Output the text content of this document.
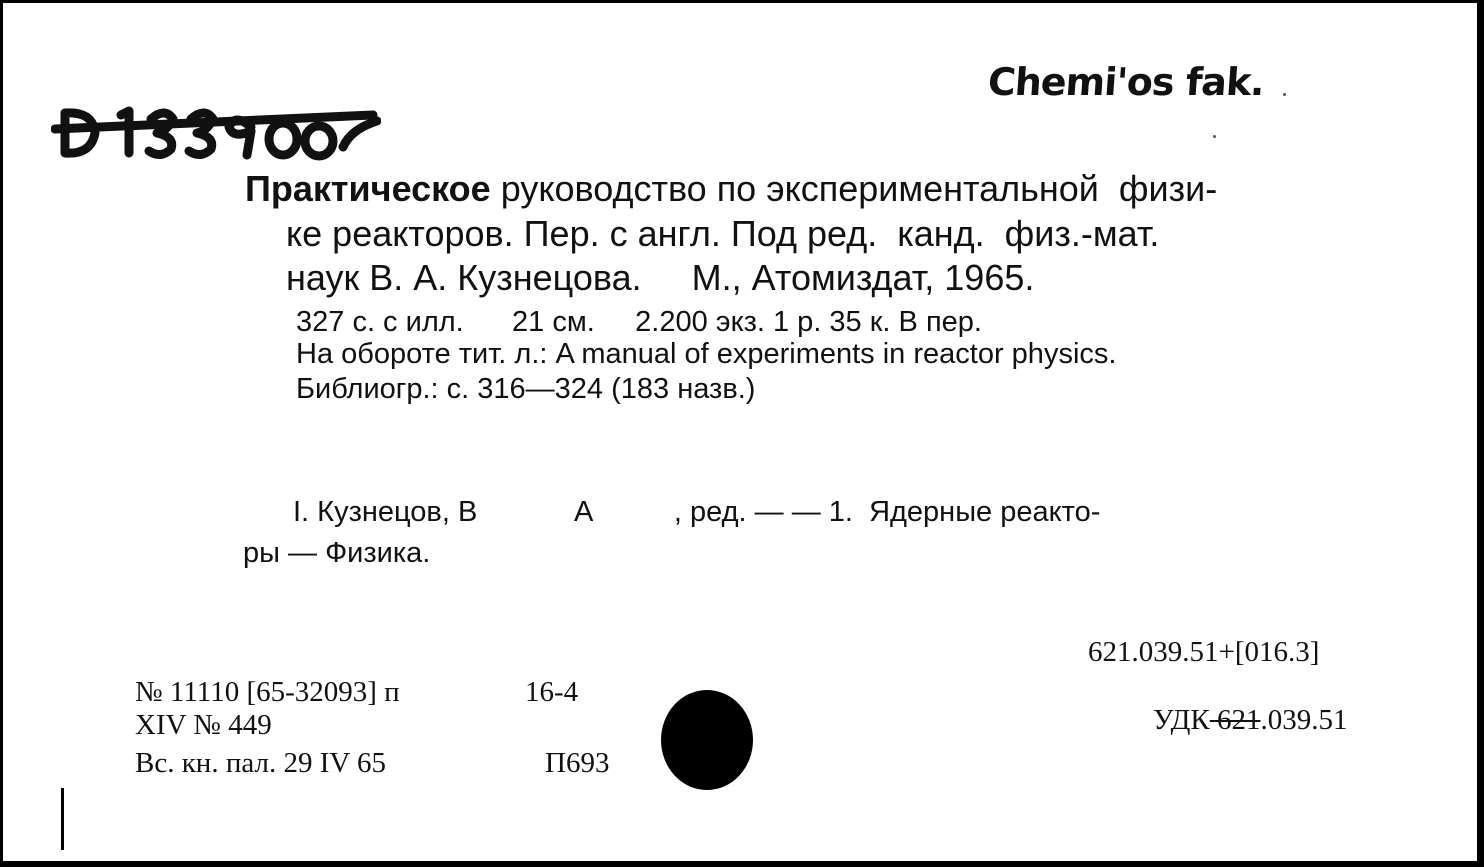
Chemi'os fak.
Практическое руководство по экспериментальной  физи-
ке реакторов. Пер. с англ. Под ред.  канд.  физ.-мат.
наук В. А. Кузнецова.     М., Атомиздат, 1965.
327 с. с илл.      21 см.     2.200 экз. 1 р. 35 к. В пер.
На обороте тит. л.: A manual of experiments in reactor physics.
Библиогр.: с. 316—324 (183 назв.)
I. Кузнецов, В            А          , ред. — — 1.  Ядерные реакто-
ры — Физика.
621.039.51+[016.3]
УДК 621.039.51
№ 11110 [65-32093] п	16-4
XIV № 449
Вс. кн. пал. 29 IV 65	П693
